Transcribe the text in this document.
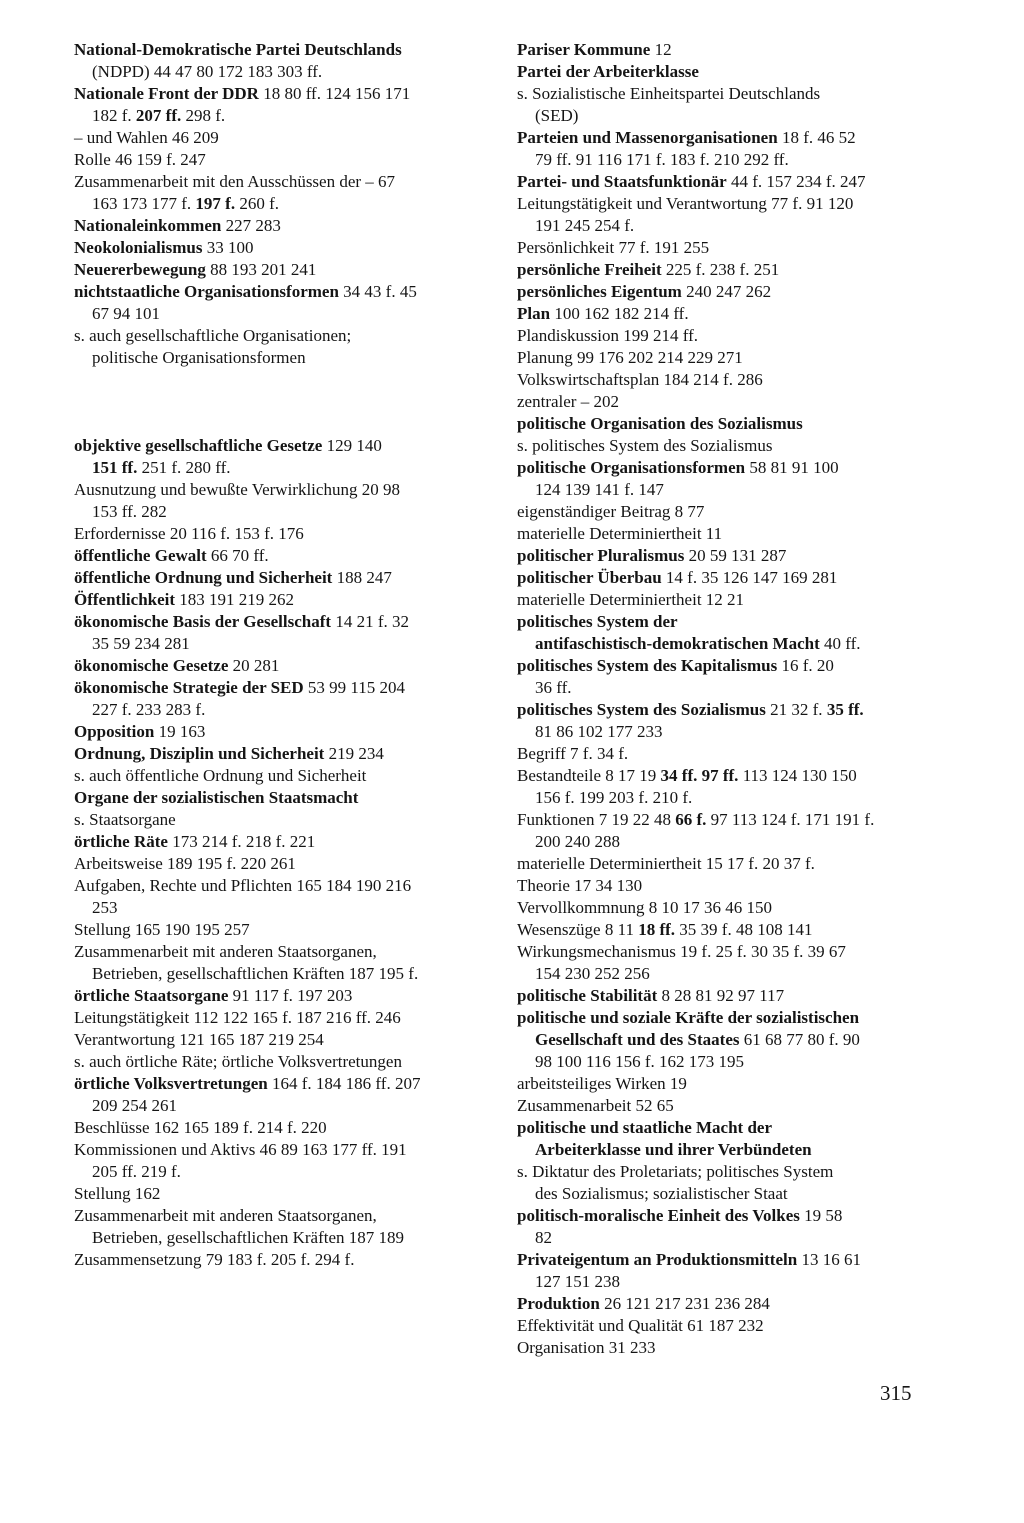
National-Demokratische Partei Deutschlands
(NDPD) 44 47 80 172 183 303 ff.
Nationale Front der DDR 18 80 ff. 124 156 171
182 f. 207 ff. 298 f.
– und Wahlen 46 209
Rolle 46 159 f. 247
Zusammenarbeit mit den Ausschüssen der – 67
163 173 177 f. 197 f. 260 f.
Nationaleinkommen 227 283
Neokolonialismus 33 100
Neuererbewegung 88 193 201 241
nichtstaatliche Organisationsformen 34 43 f. 45
67 94 101
s. auch gesellschaftliche Organisationen;
politische Organisationsformen
objektive gesellschaftliche Gesetze 129 140
151 ff. 251 f. 280 ff.
Ausnutzung und bewußte Verwirklichung 20 98
153 ff. 282
Erfordernisse 20 116 f. 153 f. 176
öffentliche Gewalt 66 70 ff.
öffentliche Ordnung und Sicherheit 188 247
Öffentlichkeit 183 191 219 262
ökonomische Basis der Gesellschaft 14 21 f. 32
35 59 234 281
ökonomische Gesetze 20 281
ökonomische Strategie der SED 53 99 115 204
227 f. 233 283 f.
Opposition 19 163
Ordnung, Disziplin und Sicherheit 219 234
s. auch öffentliche Ordnung und Sicherheit
Organe der sozialistischen Staatsmacht
s. Staatsorgane
örtliche Räte 173 214 f. 218 f. 221
Arbeitsweise 189 195 f. 220 261
Aufgaben, Rechte und Pflichten 165 184 190 216
253
Stellung 165 190 195 257
Zusammenarbeit mit anderen Staatsorganen,
Betrieben, gesellschaftlichen Kräften 187 195 f.
örtliche Staatsorgane 91 117 f. 197 203
Leitungstätigkeit 112 122 165 f. 187 216 ff. 246
Verantwortung 121 165 187 219 254
s. auch örtliche Räte; örtliche Volksvertretungen
örtliche Volksvertretungen 164 f. 184 186 ff. 207
209 254 261
Beschlüsse 162 165 189 f. 214 f. 220
Kommissionen und Aktivs 46 89 163 177 ff. 191
205 ff. 219 f.
Stellung 162
Zusammenarbeit mit anderen Staatsorganen,
Betrieben, gesellschaftlichen Kräften 187 189
Zusammensetzung 79 183 f. 205 f. 294 f.
Pariser Kommune 12
Partei der Arbeiterklasse
s. Sozialistische Einheitspartei Deutschlands
(SED)
Parteien und Massenorganisationen 18 f. 46 52
79 ff. 91 116 171 f. 183 f. 210 292 ff.
Partei- und Staatsfunktionär 44 f. 157 234 f. 247
Leitungstätigkeit und Verantwortung 77 f. 91 120
191 245 254 f.
Persönlichkeit 77 f. 191 255
persönliche Freiheit 225 f. 238 f. 251
persönliches Eigentum 240 247 262
Plan 100 162 182 214 ff.
Plandiskussion 199 214 ff.
Planung 99 176 202 214 229 271
Volkswirtschaftsplan 184 214 f. 286
zentraler – 202
politische Organisation des Sozialismus
s. politisches System des Sozialismus
politische Organisationsformen 58 81 91 100
124 139 141 f. 147
eigenständiger Beitrag 8 77
materielle Determiniertheit 11
politischer Pluralismus 20 59 131 287
politischer Überbau 14 f. 35 126 147 169 281
materielle Determiniertheit 12 21
politisches System der
antifaschistisch-demokratischen Macht 40 ff.
politisches System des Kapitalismus 16 f. 20
36 ff.
politisches System des Sozialismus 21 32 f. 35 ff.
81 86 102 177 233
Begriff 7 f. 34 f.
Bestandteile 8 17 19 34 ff. 97 ff. 113 124 130 150
156 f. 199 203 f. 210 f.
Funktionen 7 19 22 48 66 f. 97 113 124 f. 171 191 f.
200 240 288
materielle Determiniertheit 15 17 f. 20 37 f.
Theorie 17 34 130
Vervollkommnung 8 10 17 36 46 150
Wesenszüge 8 11 18 ff. 35 39 f. 48 108 141
Wirkungsmechanismus 19 f. 25 f. 30 35 f. 39 67
154 230 252 256
politische Stabilität 8 28 81 92 97 117
politische und soziale Kräfte der sozialistischen
Gesellschaft und des Staates 61 68 77 80 f. 90
98 100 116 156 f. 162 173 195
arbeitsteiliges Wirken 19
Zusammenarbeit 52 65
politische und staatliche Macht der
Arbeiterklasse und ihrer Verbündeten
s. Diktatur des Proletariats; politisches System
des Sozialismus; sozialistischer Staat
politisch-moralische Einheit des Volkes 19 58
82
Privateigentum an Produktionsmitteln 13 16 61
127 151 238
Produktion 26 121 217 231 236 284
Effektivität und Qualität 61 187 232
Organisation 31 233
315
